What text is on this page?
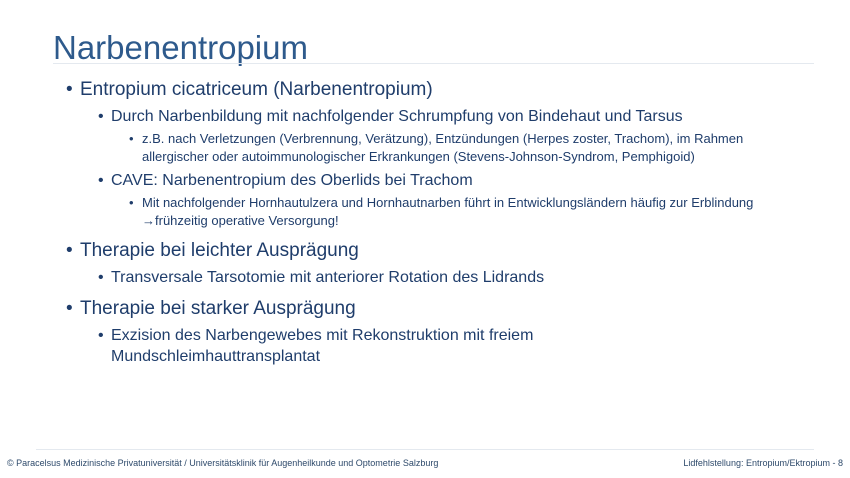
Narbenentropium
• Entropium cicatriceum (Narbenentropium)
• Durch Narbenbildung mit nachfolgender Schrumpfung von Bindehaut und Tarsus
• z.B. nach Verletzungen (Verbrennung, Verätzung), Entzündungen (Herpes zoster, Trachom), im Rahmen allergischer oder autoimmunologischer Erkrankungen (Stevens-Johnson-Syndrom, Pemphigoid)
• CAVE: Narbenentropium des Oberlids bei Trachom
• Mit nachfolgender Hornhautulzera und Hornhautnarben führt in Entwicklungsländern häufig zur Erblindung →frühzeitig operative Versorgung!
• Therapie bei leichter Ausprägung
• Transversale Tarsotomie mit anteriorer Rotation des Lidrands
• Therapie bei starker Ausprägung
• Exzision des Narbengewebes mit Rekonstruktion mit freiem Mundschleimhauttransplantat
© Paracelsus Medizinische Privatuniversität / Universitätsklinik für Augenheilkunde und Optometrie Salzburg	Lidfehlstellung: Entropium/Ektropium - 8
